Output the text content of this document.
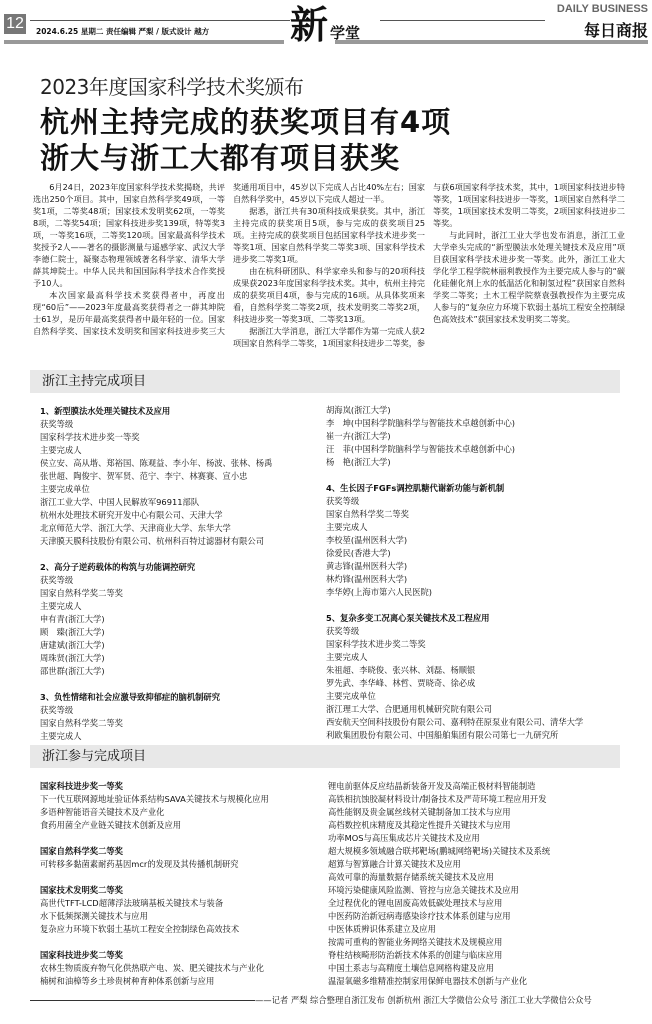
12 2024.6.25 星期二 责任编辑 严梨 / 版式设计 越方 新 学堂
DAILY BUSINESS
每日商报
2023年度国家科学技术奖颁布
杭州主持完成的获奖项目有4项
浙大与浙工大都有项目获奖

6月24日，2023年度国家科学技术奖揭晓，共评选出250个项目。其中，国家自然科学奖49项，一等奖1项，二等奖48项；国家技术发明奖62项，一等奖8项，二等奖54项；国家科技进步奖139项，特等奖3项，一等奖16项，二等奖120项。国家最高科学技术奖授予2人——著名的摄影测量与遥感学家、武汉大学李德仁院士，凝聚态物理领域著名科学家、清华大学薛其坤院士。中华人民共和国国际科学技术合作奖授予10人。

本次国家最高科学技术奖获得者中，再度出现“60后”——2023年度最高奖获得者之一薛其坤院士61岁，是历年最高奖获得者中最年轻的一位。国家自然科学奖、国家技术发明奖和国家科技进步奖三大奖通用项目中，45岁以下完成人占比40%左右；国家自然科学奖中，45岁以下完成人超过一半。

据悉，浙江共有30项科技成果获奖。其中，浙江主持完成的获奖项目5项，参与完成的获奖项目25项。主持完成的获奖项目包括国家科学技术进步奖一等奖1项、国家自然科学奖二等奖3项、国家科学技术进步奖二等奖1项。

由在杭科研团队、科学家牵头和参与的20项科技成果获2023年度国家科学技术奖。其中，杭州主持完成的获奖项目4项，参与完成的16项。从具体奖项来看，自然科学奖二等奖2项，技术发明奖二等奖2项，科技进步奖一等奖3项、二等奖13项。

据浙江大学消息，浙江大学都作为第一完成人获2项国家自然科学二等奖，1项国家科技进步二等奖，参与获6项国家科学技术奖，其中，1项国家科技进步特等奖，1项国家科技进步一等奖，1项国家自然科学二等奖，1项国家技术发明二等奖，2项国家科技进步二等奖。

与此同时，浙江工业大学也发布消息，浙江工业大学牵头完成的“新型膜法水处理关键技术及应用”项目获国家科学技术进步奖一等奖。此外，浙江工业大学化学工程学院林丽利教授作为主要完成人参与的“碳化硅催化剂上水的低温活化和制氢过程”获国家自然科学奖二等奖；土木工程学院蔡袁强教授作为主要完成人参与的“复杂应力环境下软弱土基坑工程安全控制绿色高效技术”获国家技术发明奖二等奖。

浙江主持完成项目
1、新型膜法水处理关键技术及应用
获奖等级
国家科学技术进步奖一等奖
主要完成人
侯立安、高从堦、郑裕国、陈观益、李小年、杨波、张林、杨禹
张世超、陶俊宇、贺军贤、范宁、李宁、林赛赛、宣小忠
主要完成单位
浙江工业大学、中国人民解放军96911部队
杭州水处理技术研究开发中心有限公司、天津大学
北京师范大学、浙江大学、天津商业大学、东华大学
天津膜天膜科技股份有限公司、杭州科百特过滤器材有限公司
2、高分子逆药载体的构筑与功能调控研究
获奖等级
国家自然科学奖二等奖
主要完成人
申有青(浙江大学)
顾　臻(浙江大学)
唐建斌(浙江大学)
周珠贤(浙江大学)
邵世群(浙江大学)
3、负性情绪和社会应激导致抑郁症的脑机制研究
获奖等级
国家自然科学奖二等奖
主要完成人
胡海岚(浙江大学)
李　坤(中国科学院脑科学与智能技术卓越创新中心)
崔一卉(浙江大学)
汪　菲(中国科学院脑科学与智能技术卓越创新中心)
杨　艳(浙江大学)
4、生长因子FGFs调控肌糖代谢新功能与新机制
获奖等级
国家自然科学奖二等奖
主要完成人
李校堃(温州医科大学)
徐爱民(香港大学)
黄志锋(温州医科大学)
林灼锋(温州医科大学)
李华婷(上海市第六人民医院)
5、复杂多变工况离心泵关键技术及工程应用
获奖等级
国家科学技术进步奖二等奖
主要完成人
朱祖超、李晓俊、张兴林、刘磊、杨顺银
罗先武、李华峰、林哲、贾晓奇、徐必成
主要完成单位
浙江理工大学、合肥通用机械研究院有限公司
西安航天空间科技股份有限公司、嘉利特荏原泵业有限公司、清华大学
利欧集团股份有限公司、中国船舶集团有限公司第七一九研究所
浙江参与完成项目
国家科技进步奖一等奖
下一代互联网源地址验证体系结构SAVA关键技术与规模化应用
多语种智能语音关键技术及产业化
食药用菌全产业链关键技术创新及应用
国家自然科学奖二等奖
可转移多黏菌素耐药基因mcr的发现及其传播机制研究
国家技术发明奖二等奖
高世代TFT-LCD超薄浮法玻璃基板关键技术与装备
水下低频探测关键技术与应用
复杂应力环境下软弱土基坑工程安全控制绿色高效技术
国家科技进步奖二等奖
农林生物质废弃物气化供热联产电、炭、肥关键技术与产业化
楠树和油樟等乡土珍贵树种育种体系创新与应用
锂电前驱体反应结晶新装备开发及高端正极材料智能制造
高铁相抗蚀胶凝材料设计/制备技术及严苛环境工程应用开发
高性能钢及贵金属丝线材关键制备加工技术与应用
高档数控机床精度及其稳定性提升关键技术与应用
功率MOS与高压集成芯片关键技术及应用
超大规模多领域融合联邦靶场(鹏城网络靶场)关键技术及系统
超算与智算融合计算关键技术及应用
高效可靠的海量数据存储系统关键技术及应用
环境污染健康风险监测、管控与应急关键技术及应用
全过程优化的锂电固废高效低碳处理技术与应用
中医药防治新冠病毒感染诊疗技术体系创建与应用
中医体质辨识体系建立及应用
按需可重构的智能业务网络关键技术及规模应用
脊柱结核畸形防治新技术体系的创建与临床应用
中国土系志与高精度土壤信息网格构建及应用
温湿氧磁多维精准控制家用保鲜电器技术创新与产业化
——记者 严梨 综合整理自浙江发布 创新杭州 浙江大学微信公众号 浙江工业大学微信公众号
